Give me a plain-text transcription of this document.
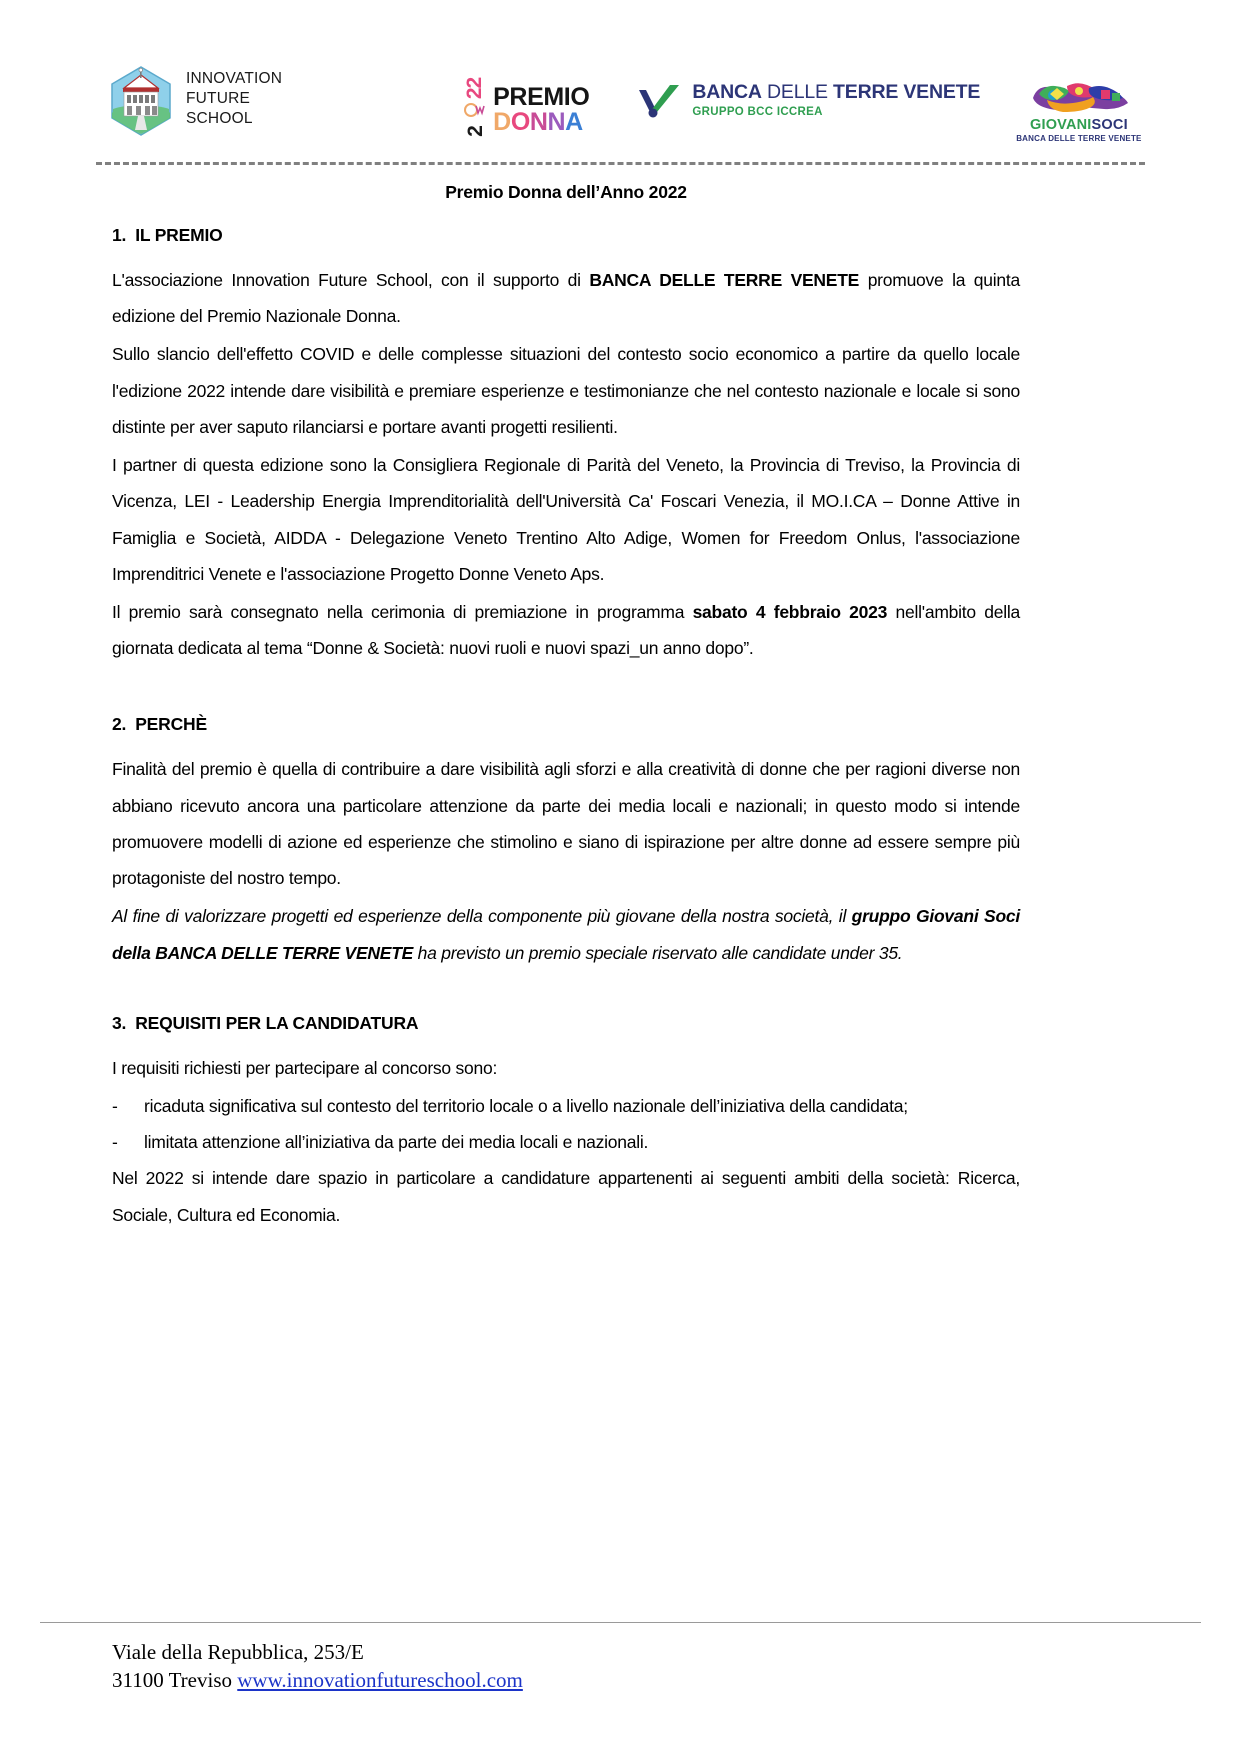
INNOVATION
FUTURE
SCHOOL
22
2
PREMIO
DONNA
BANCA DELLE TERRE VENETE
GRUPPO BCC ICCREA
GIOVANISOCI
BANCA DELLE TERRE VENETE
Premio Donna dell’Anno 2022
1. IL PREMIO

L'associazione Innovation Future School, con il supporto di BANCA DELLE TERRE VENETE promuove la quinta edizione del Premio Nazionale Donna.

Sullo slancio dell'effetto COVID e delle complesse situazioni del contesto socio economico a partire da quello locale l'edizione 2022 intende dare visibilità e premiare esperienze e testimonianze che nel contesto nazionale e locale si sono distinte per aver saputo rilanciarsi e portare avanti progetti resilienti.

I partner di questa edizione sono la Consigliera Regionale di Parità del Veneto, la Provincia di Treviso, la Provincia di Vicenza, LEI - Leadership Energia Imprenditorialità dell'Università Ca' Foscari Venezia, il MO.I.CA – Donne Attive in Famiglia e Società, AIDDA - Delegazione Veneto Trentino Alto Adige, Women for Freedom Onlus, l'associazione Imprenditrici Venete e l'associazione Progetto Donne Veneto Aps.

Il premio sarà consegnato nella cerimonia di premiazione in programma sabato 4 febbraio 2023 nell'ambito della giornata dedicata al tema “Donne & Società: nuovi ruoli e nuovi spazi_un anno dopo”.

2. PERCHÈ

Finalità del premio è quella di contribuire a dare visibilità agli sforzi e alla creatività di donne che per ragioni diverse non abbiano ricevuto ancora una particolare attenzione da parte dei media locali e nazionali; in questo modo si intende promuovere modelli di azione ed esperienze che stimolino e siano di ispirazione per altre donne ad essere sempre più protagoniste del nostro tempo.

Al fine di valorizzare progetti ed esperienze della componente più giovane della nostra società, il gruppo Giovani Soci della BANCA DELLE TERRE VENETE ha previsto un premio speciale riservato alle candidate under 35.

3. REQUISITI PER LA CANDIDATURA

I requisiti richiesti per partecipare al concorso sono:

- ricaduta significativa sul contesto del territorio locale o a livello nazionale dell’iniziativa della candidata;
- limitata attenzione all’iniziativa da parte dei media locali e nazionali.

Nel 2022 si intende dare spazio in particolare a candidature appartenenti ai seguenti ambiti della società: Ricerca, Sociale, Cultura ed Economia.

Viale della Repubblica, 253/E
31100 Treviso www.innovationfutureschool.com
